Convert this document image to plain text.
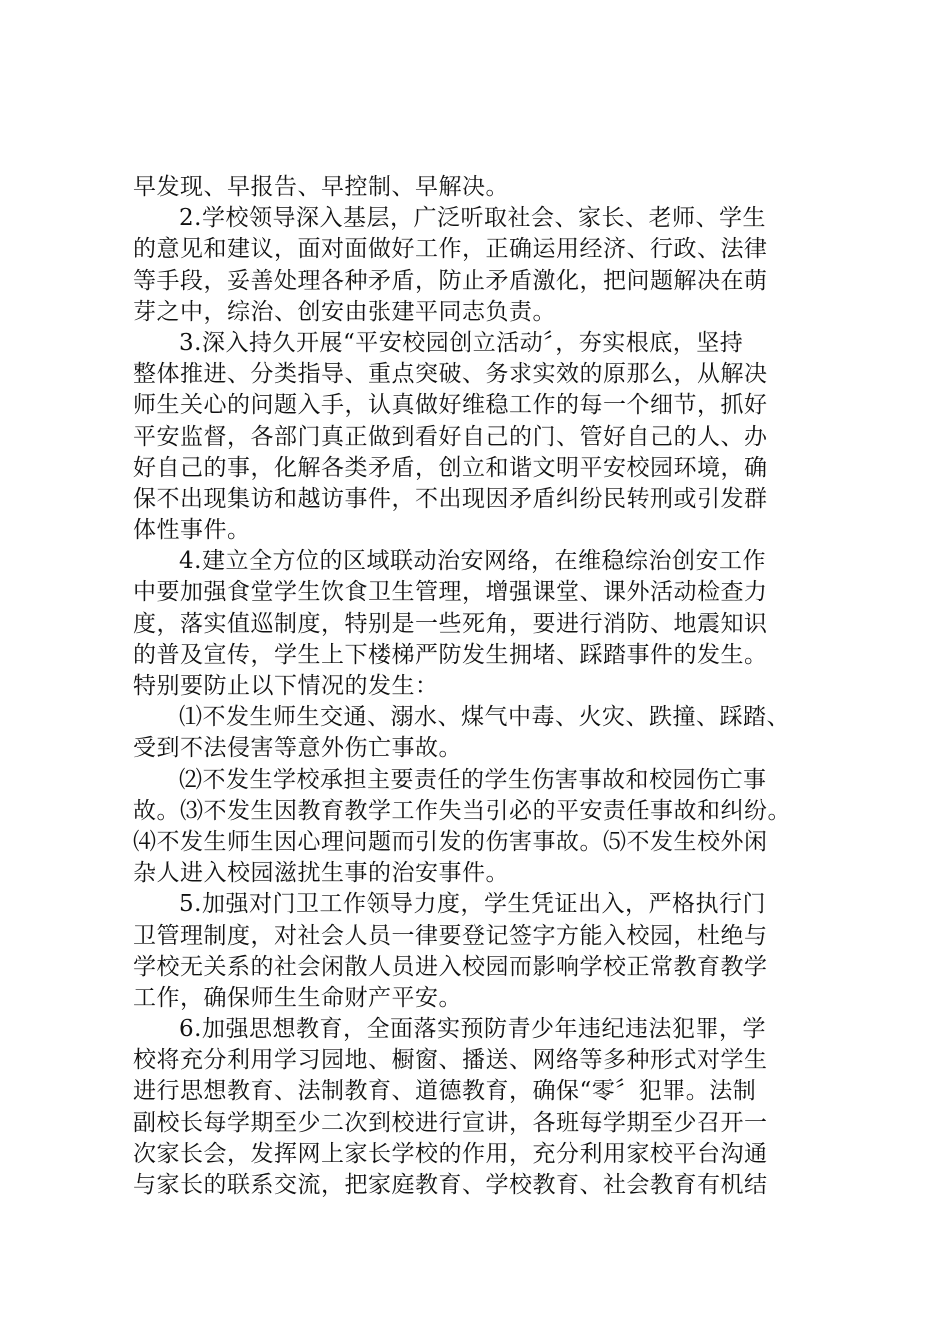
早发现、早报告、早控制、早解决。
2.学校领导深入基层，广泛听取社会、家长、老师、学生
的意见和建议，面对面做好工作，正确运用经济、行政、法律
等手段，妥善处理各种矛盾，防止矛盾激化，把问题解决在萌
芽之中，综治、创安由张建平同志负责。
3.深入持久开展“平安校园创立活动〞，夯实根底，坚持
整体推进、分类指导、重点突破、务求实效的原那么，从解决
师生关心的问题入手，认真做好维稳工作的每一个细节，抓好
平安监督，各部门真正做到看好自己的门、管好自己的人、办
好自己的事，化解各类矛盾，创立和谐文明平安校园环境，确
保不出现集访和越访事件，不出现因矛盾纠纷民转刑或引发群
体性事件。
4.建立全方位的区域联动治安网络，在维稳综治创安工作
中要加强食堂学生饮食卫生管理，增强课堂、课外活动检查力
度，落实值巡制度，特别是一些死角，要进行消防、地震知识
的普及宣传，学生上下楼梯严防发生拥堵、踩踏事件的发生。
特别要防止以下情况的发生：
⑴不发生师生交通、溺水、煤气中毒、火灾、跌撞、踩踏、
受到不法侵害等意外伤亡事故。
⑵不发生学校承担主要责任的学生伤害事故和校园伤亡事
故。⑶不发生因教育教学工作失当引必的平安责任事故和纠纷。
⑷不发生师生因心理问题而引发的伤害事故。⑸不发生校外闲
杂人进入校园滋扰生事的治安事件。
5.加强对门卫工作领导力度，学生凭证出入，严格执行门
卫管理制度，对社会人员一律要登记签字方能入校园，杜绝与
学校无关系的社会闲散人员进入校园而影响学校正常教育教学
工作，确保师生生命财产平安。
6.加强思想教育，全面落实预防青少年违纪违法犯罪，学
校将充分利用学习园地、橱窗、播送、网络等多种形式对学生
进行思想教育、法制教育、道德教育，确保“零〞犯罪。法制
副校长每学期至少二次到校进行宣讲，各班每学期至少召开一
次家长会，发挥网上家长学校的作用，充分利用家校平台沟通
与家长的联系交流，把家庭教育、学校教育、社会教育有机结
